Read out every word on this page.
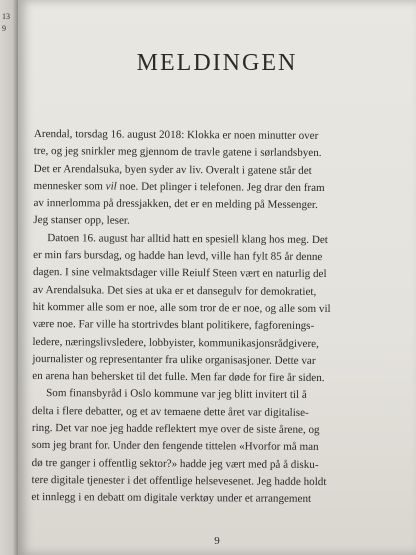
13
9
MELDINGEN
Arendal, torsdag 16. august 2018: Klokka er noen minutter over
tre, og jeg snirkler meg gjennom de travle gatene i sørlandsbyen.
Det er Arendalsuka, byen syder av liv. Overalt i gatene står det
mennesker som vil noe. Det plinger i telefonen. Jeg drar den fram
av innerlomma på dressjakken, det er en melding på Messenger.
Jeg stanser opp, leser.
Datoen 16. august har alltid hatt en spesiell klang hos meg. Det
er min fars bursdag, og hadde han levd, ville han fylt 85 år denne
dagen. I sine velmaktsdager ville Reiulf Steen vært en naturlig del
av Arendalsuka. Det sies at uka er et dansegulv for demokratiet,
hit kommer alle som er noe, alle som tror de er noe, og alle som vil
være noe. Far ville ha stortrivdes blant politikere, fagforenings-
ledere, næringslivsledere, lobbyister, kommunikasjonsrådgivere,
journalister og representanter fra ulike organisasjoner. Dette var
en arena han behersket til det fulle. Men far døde for fire år siden.
Som finansbyråd i Oslo kommune var jeg blitt invitert til å
delta i flere debatter, og et av temaene dette året var digitalise-
ring. Det var noe jeg hadde reflektert mye over de siste årene, og
som jeg brant for. Under den fengende tittelen «Hvorfor må man
dø tre ganger i offentlig sektor?» hadde jeg vært med på å disku-
tere digitale tjenester i det offentlige helsevesenet. Jeg hadde holdt
et innlegg i en debatt om digitale verktøy under et arrangement
9
